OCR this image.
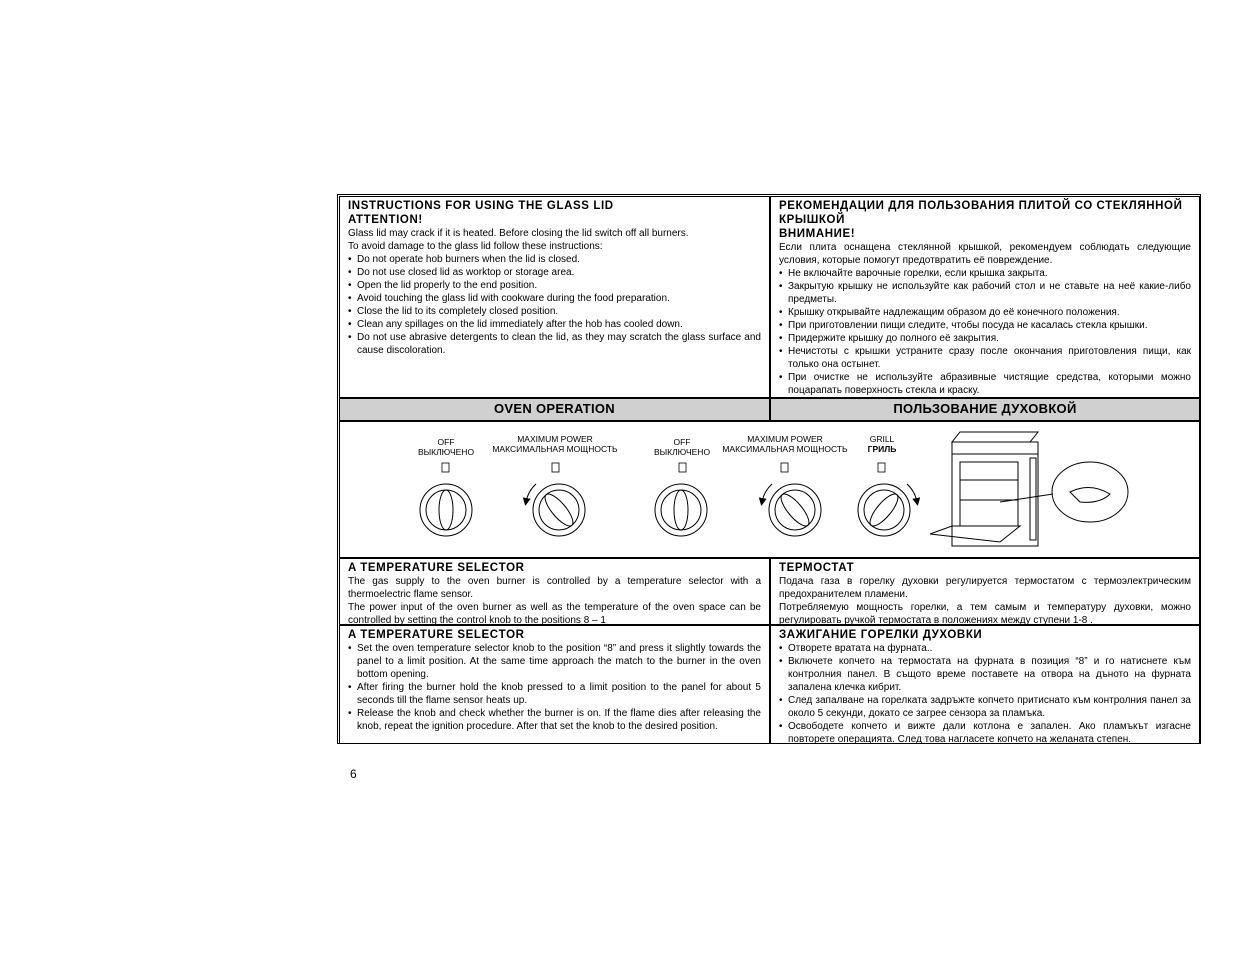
INSTRUCTIONS FOR USING THE GLASS LID
ATTENTION!
Glass lid may crack if it is heated. Before closing the lid switch off all burners.
To avoid damage to the glass lid follow these instructions:
• Do not operate hob burners when the lid is closed.
• Do not use closed lid as worktop or storage area.
• Open the lid properly to the end position.
• Avoid touching the glass lid with cookware during the food preparation.
• Close the lid to its completely closed position.
• Clean any spillages on the lid immediately after the hob has cooled down.
• Do not use abrasive detergents to clean the lid, as they may scratch the glass surface and cause discoloration.
РЕКОМЕНДАЦИИ ДЛЯ ПОЛЬЗОВАНИЯ ПЛИТОЙ СО СТЕКЛЯННОЙ КРЫШКОЙ
ВНИМАНИЕ!
Если плита оснащена стеклянной крышкой, рекомендуем соблюдать следующие условия, которые помогут предотвратить её повреждение.
• Не включайте варочные горелки, если крышка закрыта.
• Закрытую крышку не используйте как рабочий стол и не ставьте на неё какие-либо предметы.
• Крышку открывайте надлежащим образом до её конечного положения.
• При приготовлении пищи следите, чтобы посуда не касалась стекла крышки.
• Придержите крышку до полного её закрытия.
• Нечистоты с крышки устраните сразу после окончания приготовления пищи, как только она остынет.
• При очистке не используйте абразивные чистящие средства, которыми можно поцарапать поверхность стекла и краску.
OVEN OPERATION	ПОЛЬЗОВАНИЕ ДУХОВКОЙ
OFF
ВЫКЛЮЧЕНО
MAXIMUM POWER
МАКСИМАЛЬНАЯ МОЩНОСТЬ
OFF
ВЫКЛЮЧЕНО
MAXIMUM POWER
МАКСИМАЛЬНАЯ МОЩНОСТЬ
GRILL
ГРИЛЬ
A TEMPERATURE SELECTOR
The gas supply to the oven burner is controlled by a temperature selector with a thermoelectric flame sensor.
The power input of the oven burner as well as the temperature of the oven space can be controlled by setting the control knob to the positions 8 – 1
ТЕРМОСТАТ
Подача газа в горелку духовки регулируется термостатом с термоэлектрическим предохранителем пламени.
Потребляемую мощность горелки, а тем самым и температуру духовки, можно регулировать ручкой термостата в положениях между ступени 1-8 .
A TEMPERATURE SELECTOR
• Set the oven temperature selector knob to the position “8” and press it slightly towards the panel to a limit position. At the same time approach the match to the burner in the oven bottom opening.
• After firing the burner hold the knob pressed to a limit position to the panel for about 5 seconds till the flame sensor heats up.
• Release the knob and check whether the burner is on. If the flame dies after releasing the knob, repeat the ignition procedure. After that set the knob to the desired position.
ЗАЖИГАНИЕ ГОРЕЛКИ ДУХОВКИ
• Отворете вратата на фурната..
• Включете копчето на термостата на фурната в позиция “8” и го натиснете към контролния панел. В същото време поставете на отвора на дъното на фурната запалена клечка кибрит.
• След запалване на горелката задръжте копчето притиснато към контролния панел за около 5 секунди, докато се загрее сензора за пламъка.
• Освободете копчето и вижте дали котлона е запален. Ако пламъкът изгасне повторете операцията. След това нагласете копчето на желаната степен.
6
